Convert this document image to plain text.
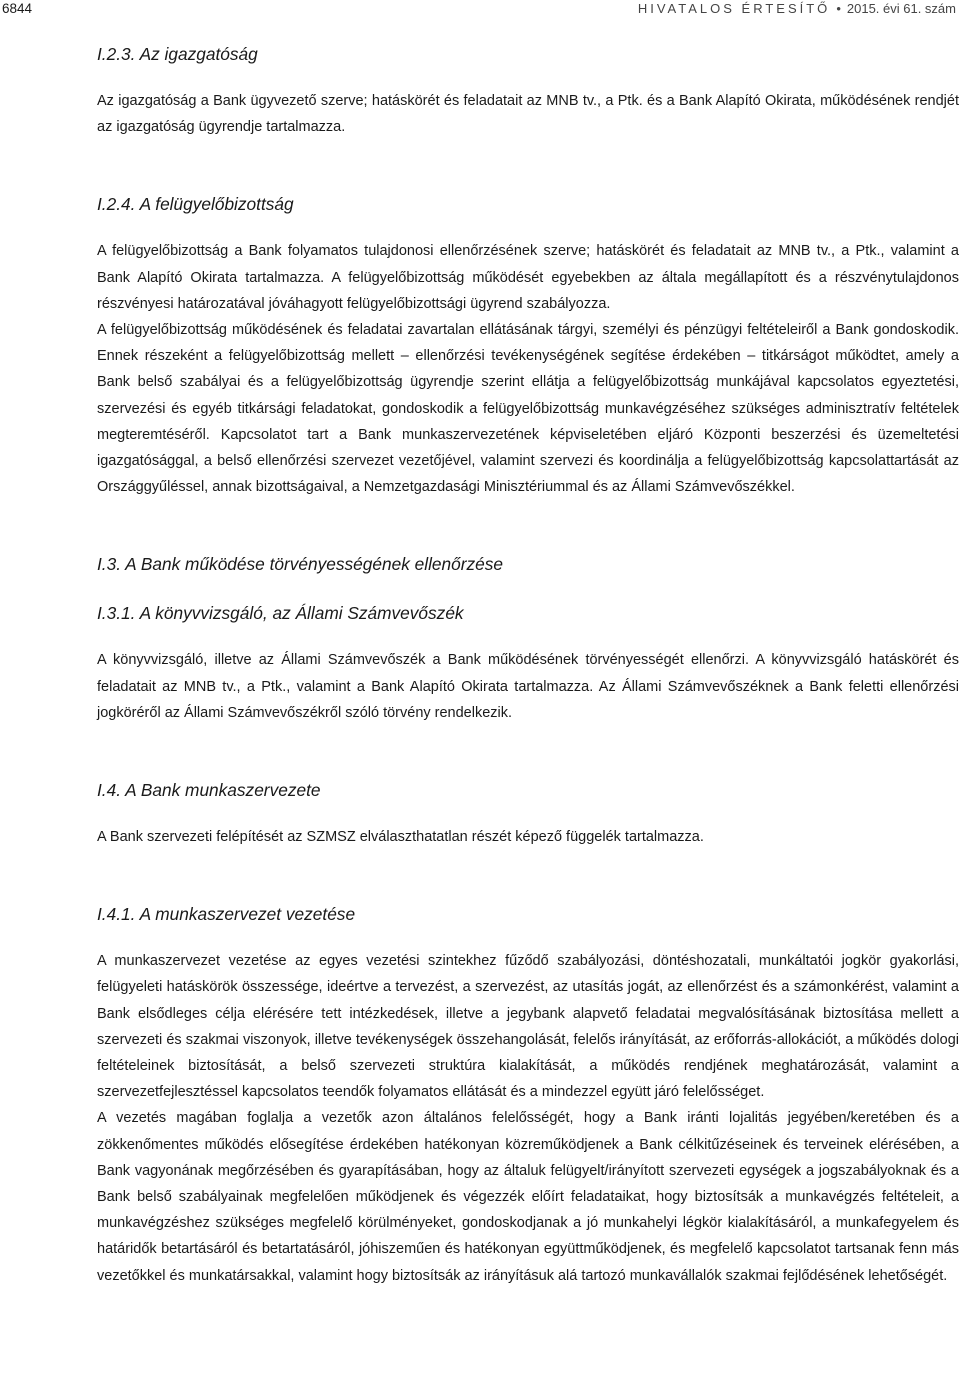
6844	HIVATALOS ÉRTESÍTŐ • 2015. évi 61. szám
I.2.3. Az igazgatóság

Az igazgatóság a Bank ügyvezető szerve; hatáskörét és feladatait az MNB tv., a Ptk. és a Bank Alapító Okirata, működésének rendjét az igazgatóság ügyrendje tartalmazza.

I.2.4. A felügyelőbizottság

A felügyelőbizottság a Bank folyamatos tulajdonosi ellenőrzésének szerve; hatáskörét és feladatait az MNB tv., a Ptk., valamint a Bank Alapító Okirata tartalmazza. A felügyelőbizottság működését egyebekben az általa megállapított és a részvénytulajdonos részvényesi határozatával jóváhagyott felügyelőbizottsági ügyrend szabályozza.

A felügyelőbizottság működésének és feladatai zavartalan ellátásának tárgyi, személyi és pénzügyi feltételeiről a Bank gondoskodik. Ennek részeként a felügyelőbizottság mellett – ellenőrzési tevékenységének segítése érdekében – titkárságot működtet, amely a Bank belső szabályai és a felügyelőbizottság ügyrendje szerint ellátja a felügyelőbizottság munkájával kapcsolatos egyeztetési, szervezési és egyéb titkársági feladatokat, gondoskodik a felügyelőbizottság munkavégzéséhez szükséges adminisztratív feltételek megteremtéséről. Kapcsolatot tart a Bank munkaszervezetének képviseletében eljáró Központi beszerzési és üzemeltetési igazgatósággal, a belső ellenőrzési szervezet vezetőjével, valamint szervezi és koordinálja a felügyelőbizottság kapcsolattartását az Országgyűléssel, annak bizottságaival, a Nemzetgazdasági Minisztériummal és az Állami Számvevőszékkel.

I.3. A Bank működése törvényességének ellenőrzése
I.3.1. A könyvvizsgáló, az Állami Számvevőszék

A könyvvizsgáló, illetve az Állami Számvevőszék a Bank működésének törvényességét ellenőrzi. A könyvvizsgáló hatáskörét és feladatait az MNB tv., a Ptk., valamint a Bank Alapító Okirata tartalmazza. Az Állami Számvevőszéknek a Bank feletti ellenőrzési jogköréről az Állami Számvevőszékről szóló törvény rendelkezik.

I.4. A Bank munkaszervezete

A Bank szervezeti felépítését az SZMSZ elválaszthatatlan részét képező függelék tartalmazza.

I.4.1. A munkaszervezet vezetése

A munkaszervezet vezetése az egyes vezetési szintekhez fűződő szabályozási, döntéshozatali, munkáltatói jogkör gyakorlási, felügyeleti hatáskörök összessége, ideértve a tervezést, a szervezést, az utasítás jogát, az ellenőrzést és a számonkérést, valamint a Bank elsődleges célja elérésére tett intézkedések, illetve a jegybank alapvető feladatai megvalósításának biztosítása mellett a szervezeti és szakmai viszonyok, illetve tevékenységek összehangolását, felelős irányítását, az erőforrás-allokációt, a működés dologi feltételeinek biztosítását, a belső szervezeti struktúra kialakítását, a működés rendjének meghatározását, valamint a szervezetfejlesztéssel kapcsolatos teendők folyamatos ellátását és a mindezzel együtt járó felelősséget.

A vezetés magában foglalja a vezetők azon általános felelősségét, hogy a Bank iránti lojalitás jegyében/keretében és a zökkenőmentes működés elősegítése érdekében hatékonyan közreműködjenek a Bank célkitűzéseinek és terveinek elérésében, a Bank vagyonának megőrzésében és gyarapításában, hogy az általuk felügyelt/irányított szervezeti egységek a jogszabályoknak és a Bank belső szabályainak megfelelően működjenek és végezzék előírt feladataikat, hogy biztosítsák a munkavégzés feltételeit, a munkavégzéshez szükséges megfelelő körülményeket, gondoskodjanak a jó munkahelyi légkör kialakításáról, a munkafegyelem és határidők betartásáról és betartatásáról, jóhiszeműen és hatékonyan együttműködjenek, és megfelelő kapcsolatot tartsanak fenn más vezetőkkel és munkatársakkal, valamint hogy biztosítsák az irányításuk alá tartozó munkavállalók szakmai fejlődésének lehetőségét.
